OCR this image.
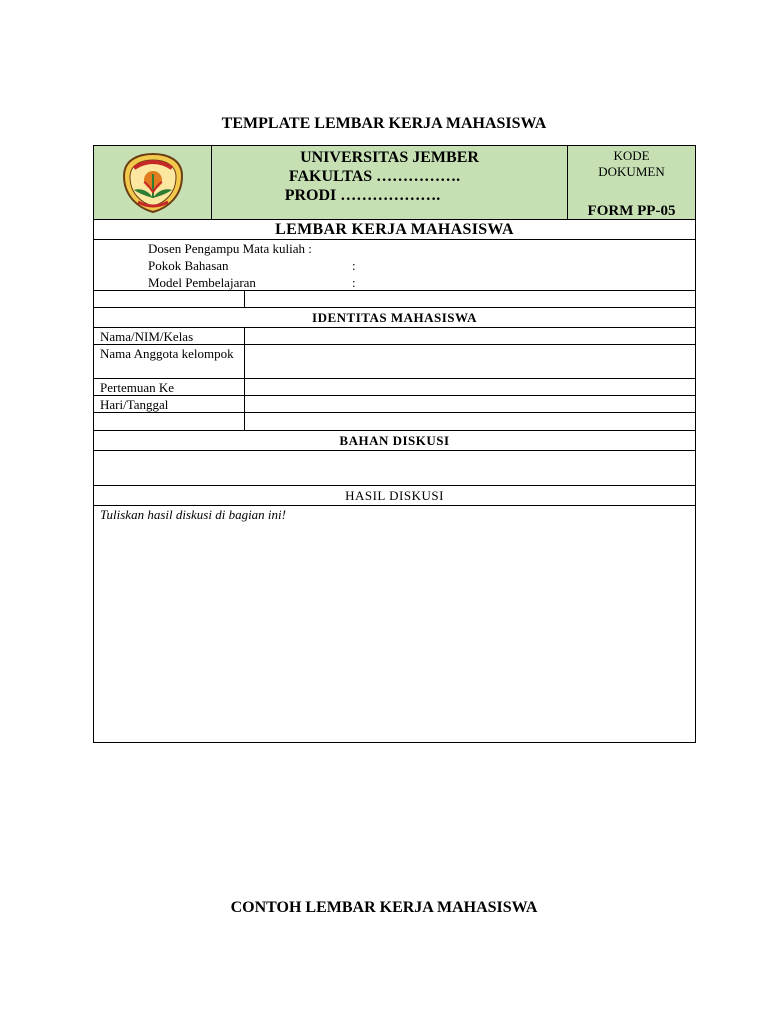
TEMPLATE LEMBAR KERJA MAHASISWA
UNIVERSITAS JEMBER
FAKULTAS …………….
PRODI ……………….
KODE
DOKUMEN
FORM PP-05
LEMBAR KERJA MAHASISWA
Dosen Pengampu Mata kuliah :
Pokok Bahasan	:
Model Pembelajaran	:
IDENTITAS MAHASISWA
Nama/NIM/Kelas
Nama Anggota kelompok
Pertemuan Ke
Hari/Tanggal
BAHAN DISKUSI
HASIL DISKUSI
Tuliskan hasil diskusi di bagian ini!
CONTOH LEMBAR KERJA MAHASISWA
